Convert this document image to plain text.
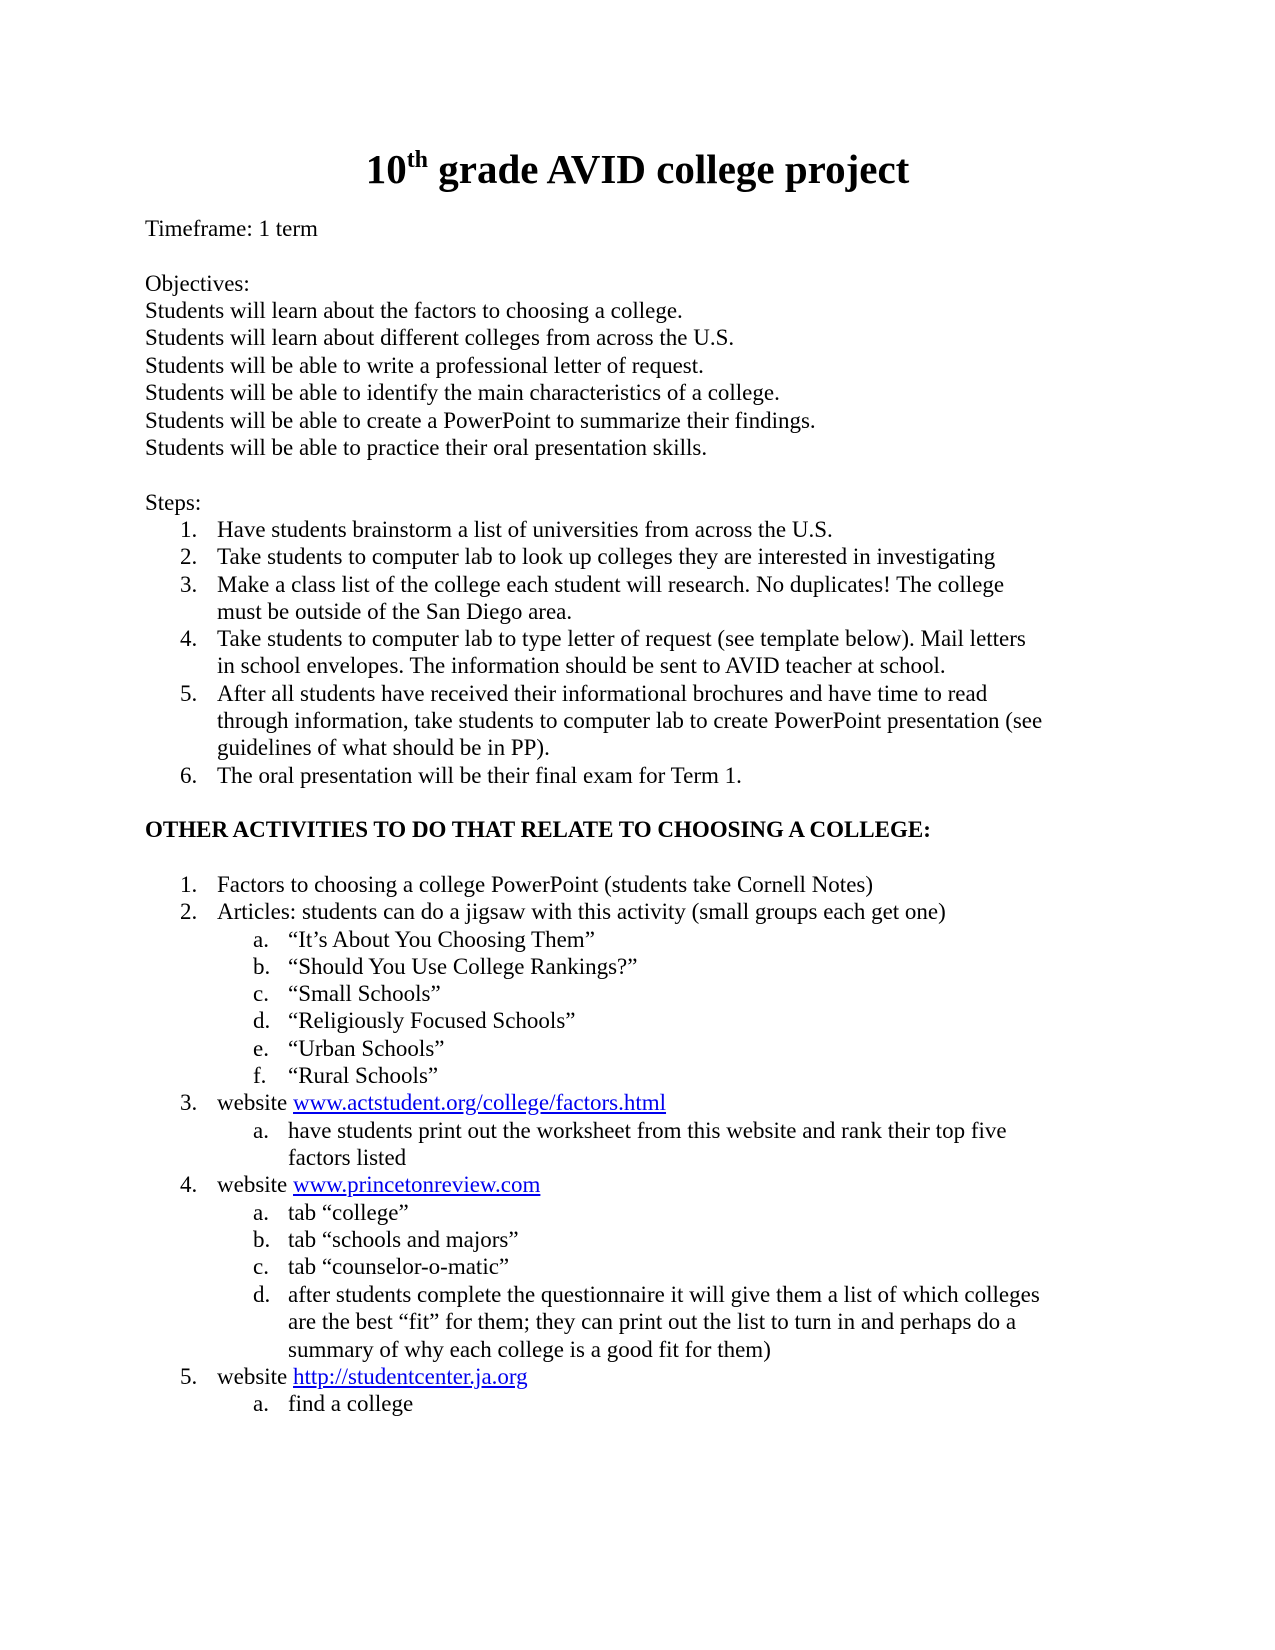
10th grade AVID college project

Timeframe: 1 term

Objectives:

Students will learn about the factors to choosing a college.

Students will learn about different colleges from across the U.S.

Students will be able to write a professional letter of request.

Students will be able to identify the main characteristics of a college.

Students will be able to create a PowerPoint to summarize their findings.

Students will be able to practice their oral presentation skills.

Steps:

1. Have students brainstorm a list of universities from across the U.S.

2. Take students to computer lab to look up colleges they are interested in investigating

3. Make a class list of the college each student will research. No duplicates! The college

must be outside of the San Diego area.

4. Take students to computer lab to type letter of request (see template below). Mail letters

in school envelopes. The information should be sent to AVID teacher at school.

5. After all students have received their informational brochures and have time to read

through information, take students to computer lab to create PowerPoint presentation (see

guidelines of what should be in PP).

6. The oral presentation will be their final exam for Term 1.

OTHER ACTIVITIES TO DO THAT RELATE TO CHOOSING A COLLEGE:

1. Factors to choosing a college PowerPoint (students take Cornell Notes)

2. Articles: students can do a jigsaw with this activity (small groups each get one)

a. “It’s About You Choosing Them”

b. “Should You Use College Rankings?”

c. “Small Schools”

d. “Religiously Focused Schools”

e. “Urban Schools”

f. “Rural Schools”

3. website www.actstudent.org/college/factors.html

a. have students print out the worksheet from this website and rank their top five

factors listed

4. website www.princetonreview.com

a. tab “college”

b. tab “schools and majors”

c. tab “counselor-o-matic”

d. after students complete the questionnaire it will give them a list of which colleges

are the best “fit” for them; they can print out the list to turn in and perhaps do a

summary of why each college is a good fit for them)

5. website http://studentcenter.ja.org

a. find a college
